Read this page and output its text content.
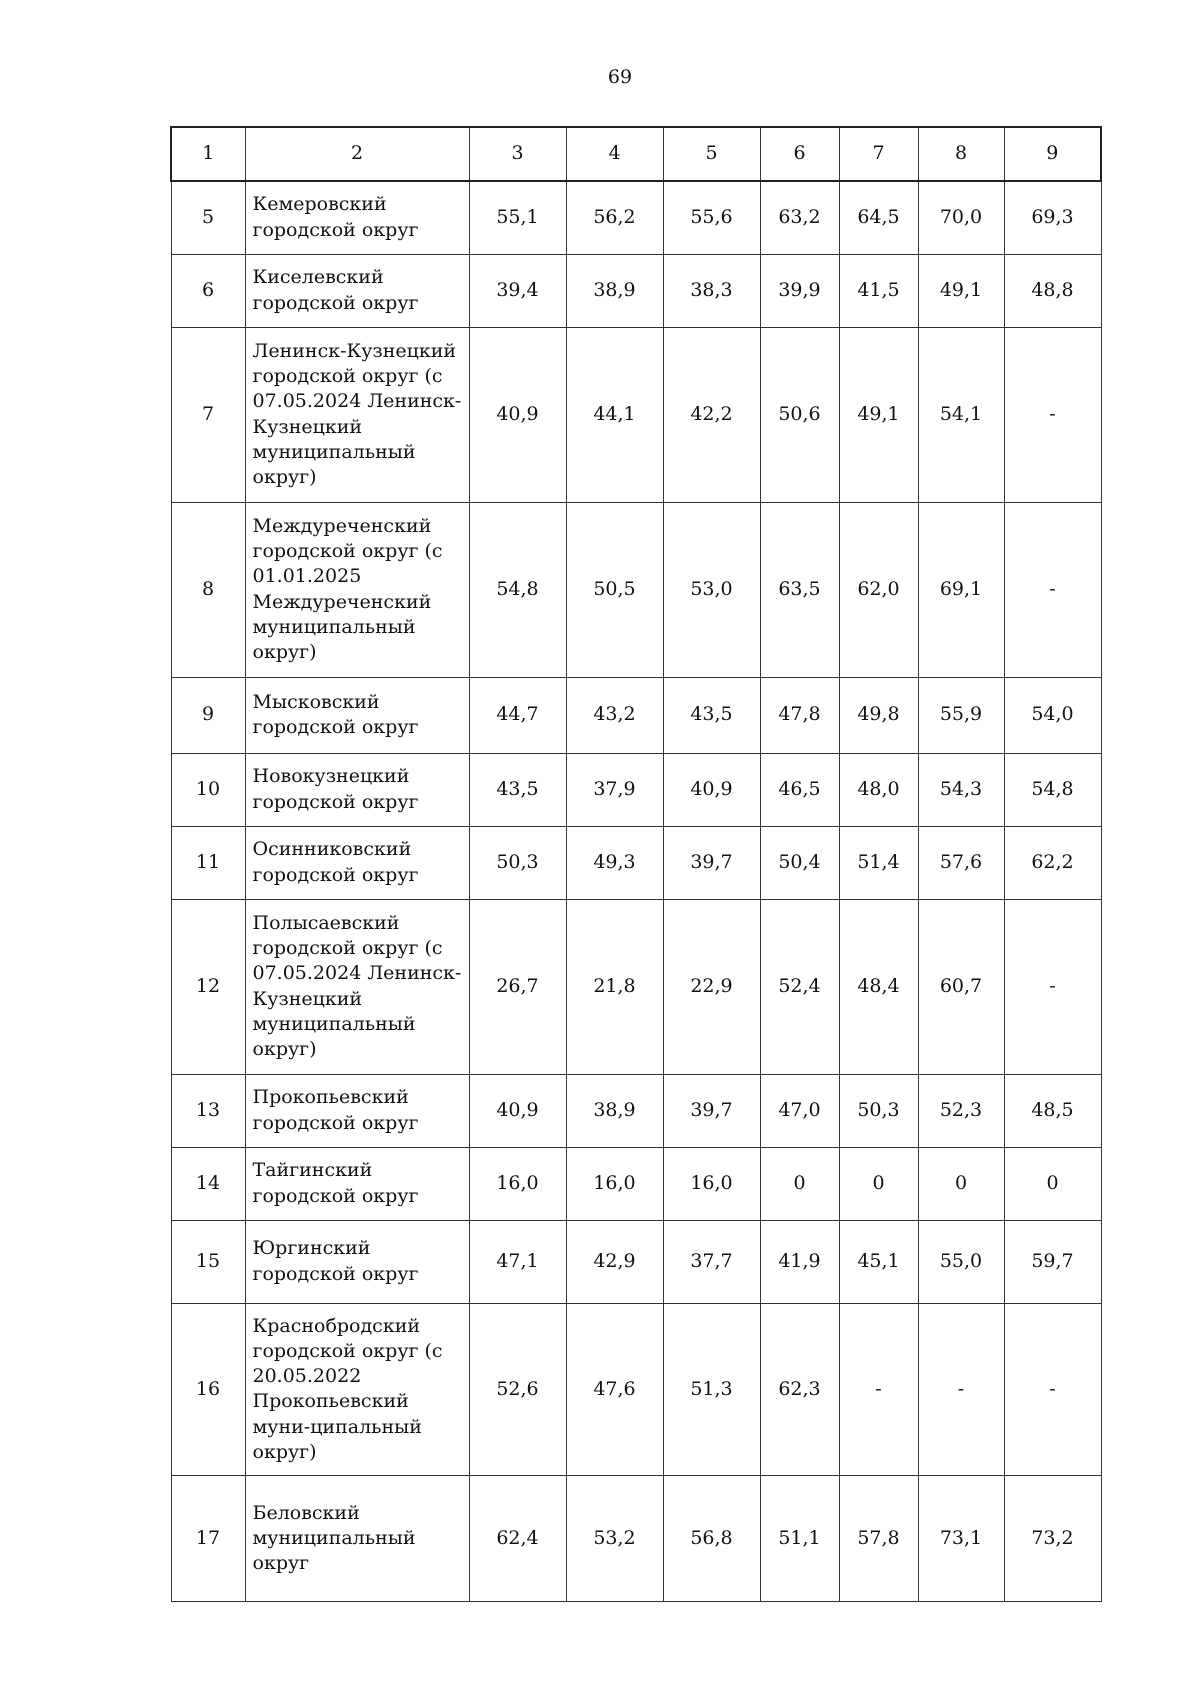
69
1	2	3	4	5	6	7	8	9
5	Кемеровский городской округ	55,1	56,2	55,6	63,2	64,5	70,0	69,3
6	Киселевский городской округ	39,4	38,9	38,3	39,9	41,5	49,1	48,8
7	Ленинск-Кузнецкий городской округ (с 07.05.2024 Ленинск-Кузнецкий муниципальный округ)	40,9	44,1	42,2	50,6	49,1	54,1	-
8	Междуреченский городской округ (с 01.01.2025 Междуреченский муниципальный округ)	54,8	50,5	53,0	63,5	62,0	69,1	-
9	Мысковский городской округ	44,7	43,2	43,5	47,8	49,8	55,9	54,0
10	Новокузнецкий городской округ	43,5	37,9	40,9	46,5	48,0	54,3	54,8
11	Осинниковский городской округ	50,3	49,3	39,7	50,4	51,4	57,6	62,2
12	Полысаевский городской округ (с 07.05.2024 Ленинск-Кузнецкий муниципальный округ)	26,7	21,8	22,9	52,4	48,4	60,7	-
13	Прокопьевский городской округ	40,9	38,9	39,7	47,0	50,3	52,3	48,5
14	Тайгинский городской округ	16,0	16,0	16,0	0	0	0	0
15	Юргинский городской округ	47,1	42,9	37,7	41,9	45,1	55,0	59,7
16	Краснобродский городской округ (с 20.05.2022 Прокопьевский муни-ципальный округ)	52,6	47,6	51,3	62,3	-	-	-
17	Беловский муниципальный округ	62,4	53,2	56,8	51,1	57,8	73,1	73,2
